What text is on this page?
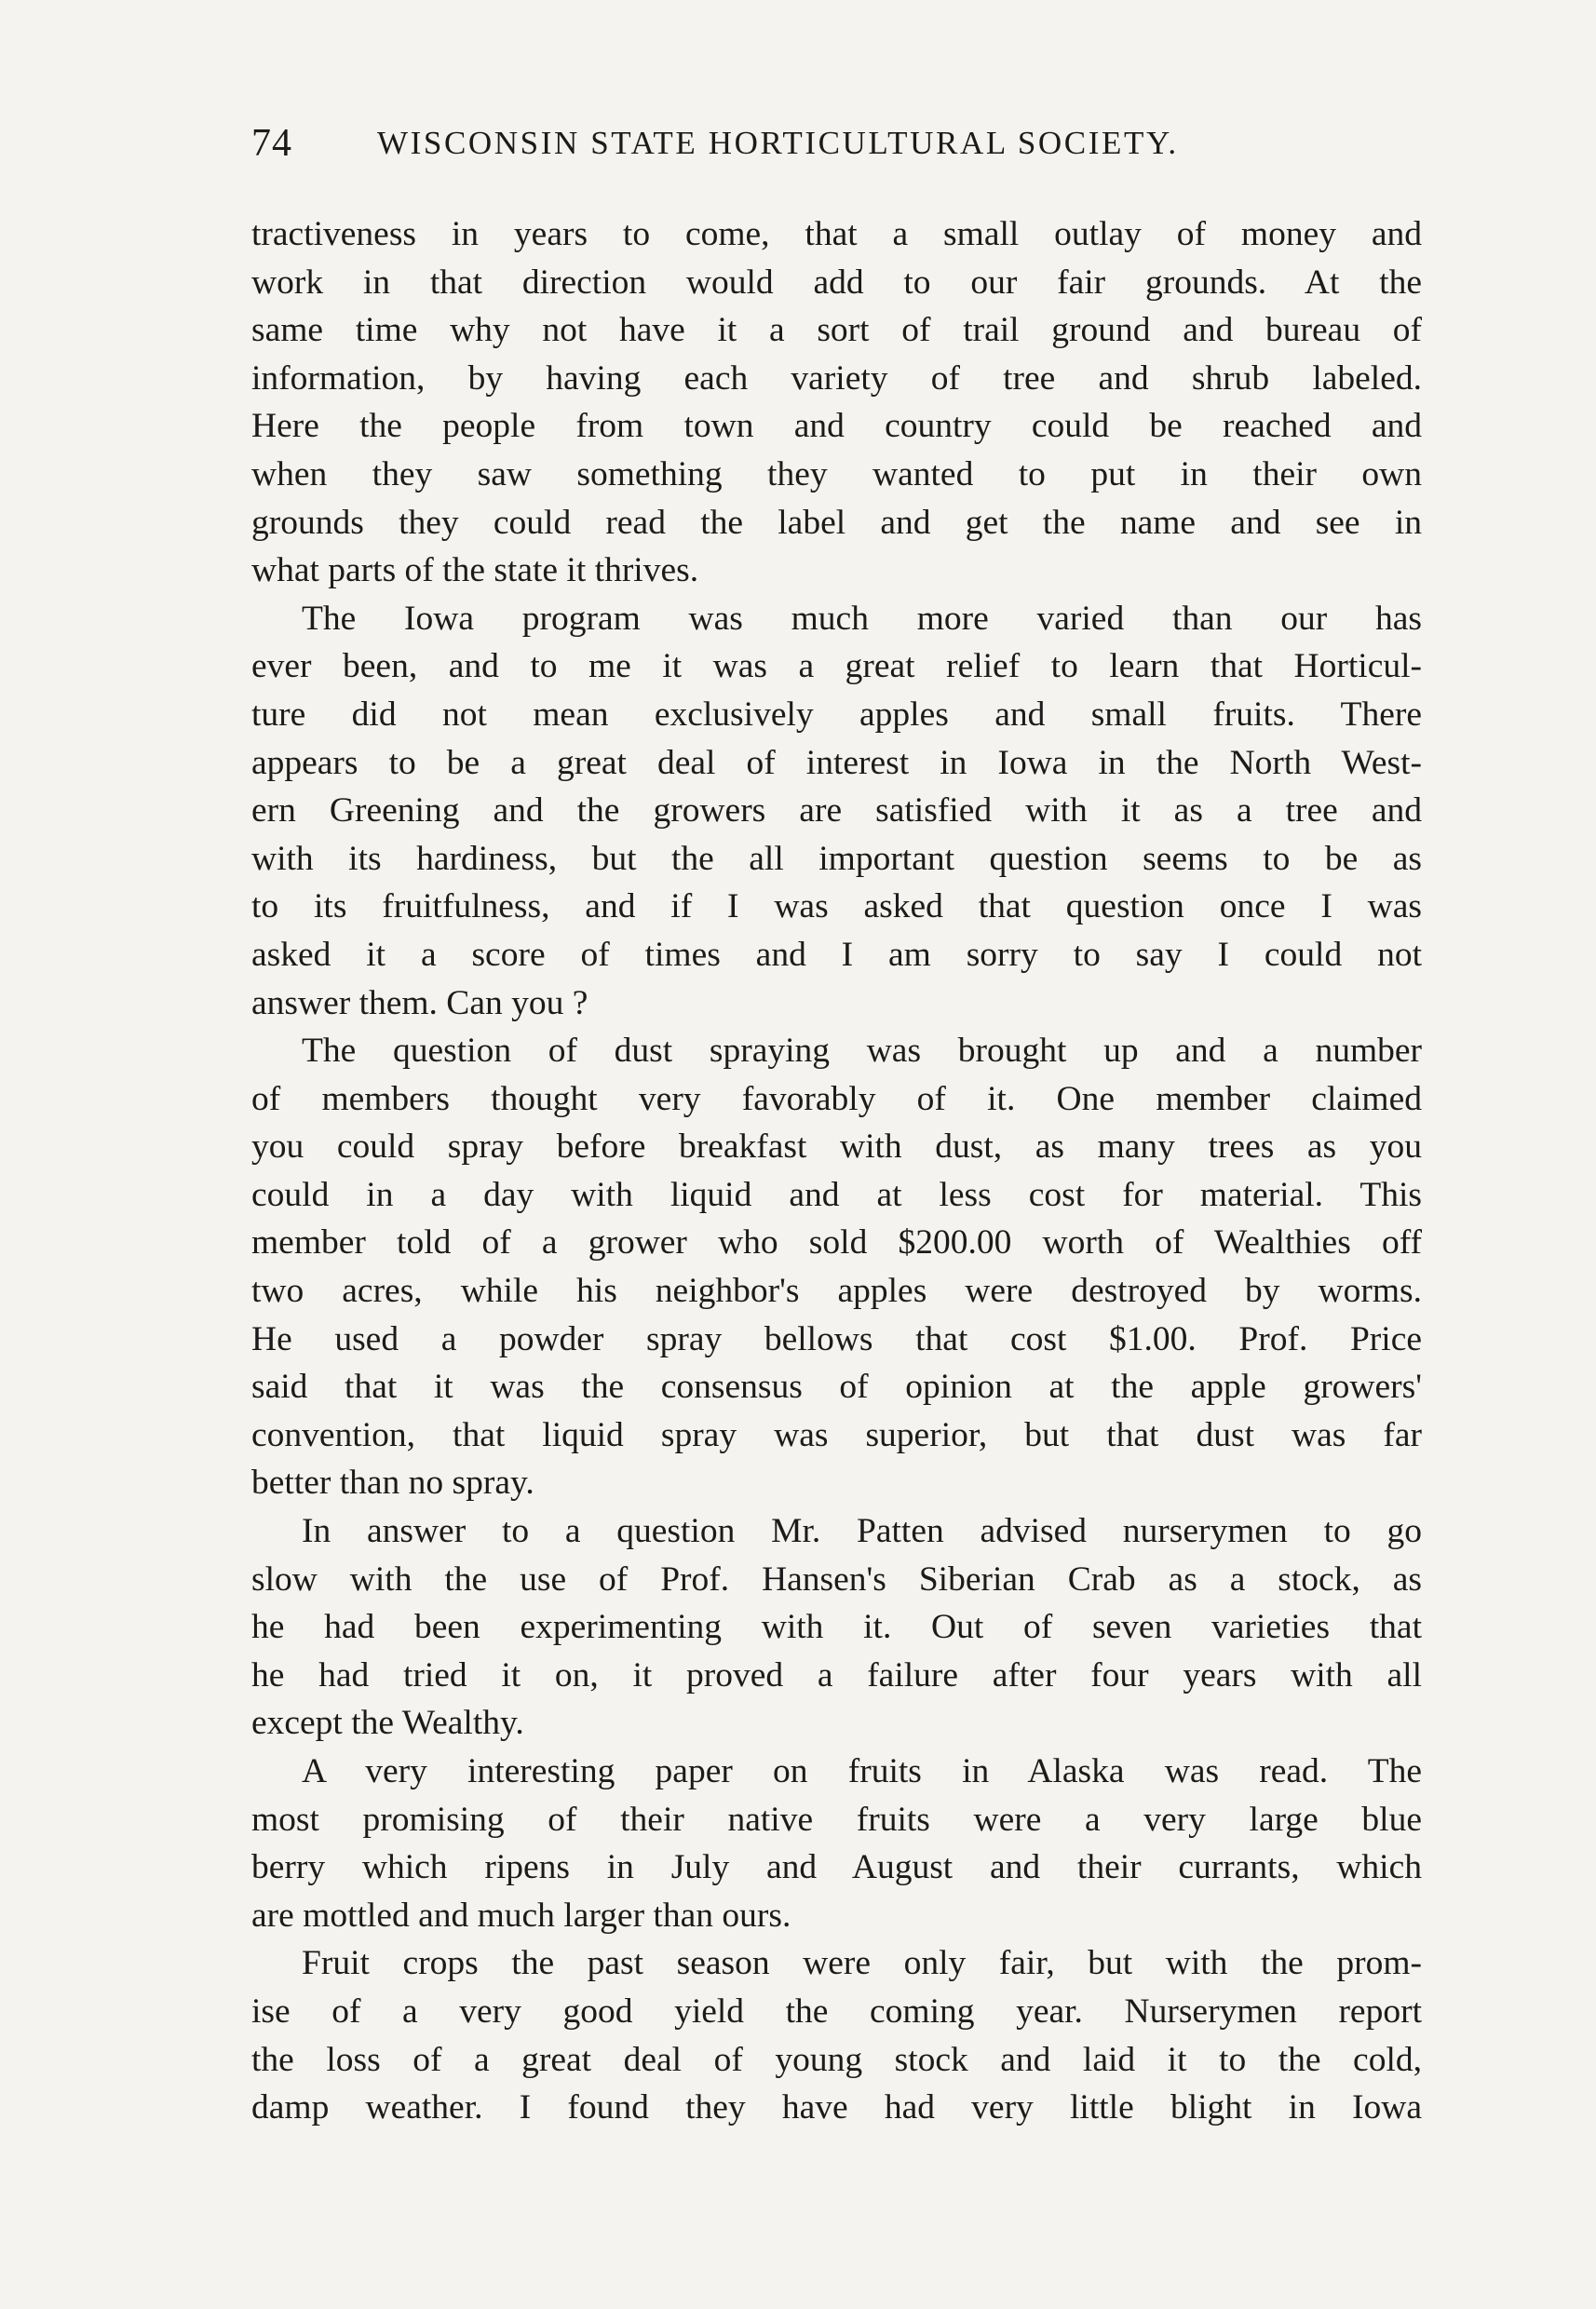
74	WISCONSIN STATE HORTICULTURAL SOCIETY.
tractiveness in years to come, that a small outlay of money and
work in that direction would add to our fair grounds. At the
same time why not have it a sort of trail ground and bureau of
information, by having each variety of tree and shrub labeled.
Here the people from town and country could be reached and
when they saw something they wanted to put in their own
grounds they could read the label and get the name and see in
what parts of the state it thrives.
The Iowa program was much more varied than our has
ever been, and to me it was a great relief to learn that Horticul-
ture did not mean exclusively apples and small fruits. There
appears to be a great deal of interest in Iowa in the North West-
ern Greening and the growers are satisfied with it as a tree and
with its hardiness, but the all important question seems to be as
to its fruitfulness, and if I was asked that question once I was
asked it a score of times and I am sorry to say I could not
answer them. Can you ?
The question of dust spraying was brought up and a number
of members thought very favorably of it. One member claimed
you could spray before breakfast with dust, as many trees as you
could in a day with liquid and at less cost for material. This
member told of a grower who sold $200.00 worth of Wealthies off
two acres, while his neighbor's apples were destroyed by worms.
He used a powder spray bellows that cost $1.00. Prof. Price
said that it was the consensus of opinion at the apple growers'
convention, that liquid spray was superior, but that dust was far
better than no spray.
In answer to a question Mr. Patten advised nurserymen to go
slow with the use of Prof. Hansen's Siberian Crab as a stock, as
he had been experimenting with it. Out of seven varieties that
he had tried it on, it proved a failure after four years with all
except the Wealthy.
A very interesting paper on fruits in Alaska was read. The
most promising of their native fruits were a very large blue
berry which ripens in July and August and their currants, which
are mottled and much larger than ours.
Fruit crops the past season were only fair, but with the prom-
ise of a very good yield the coming year. Nurserymen report
the loss of a great deal of young stock and laid it to the cold,
damp weather. I found they have had very little blight in Iowa
